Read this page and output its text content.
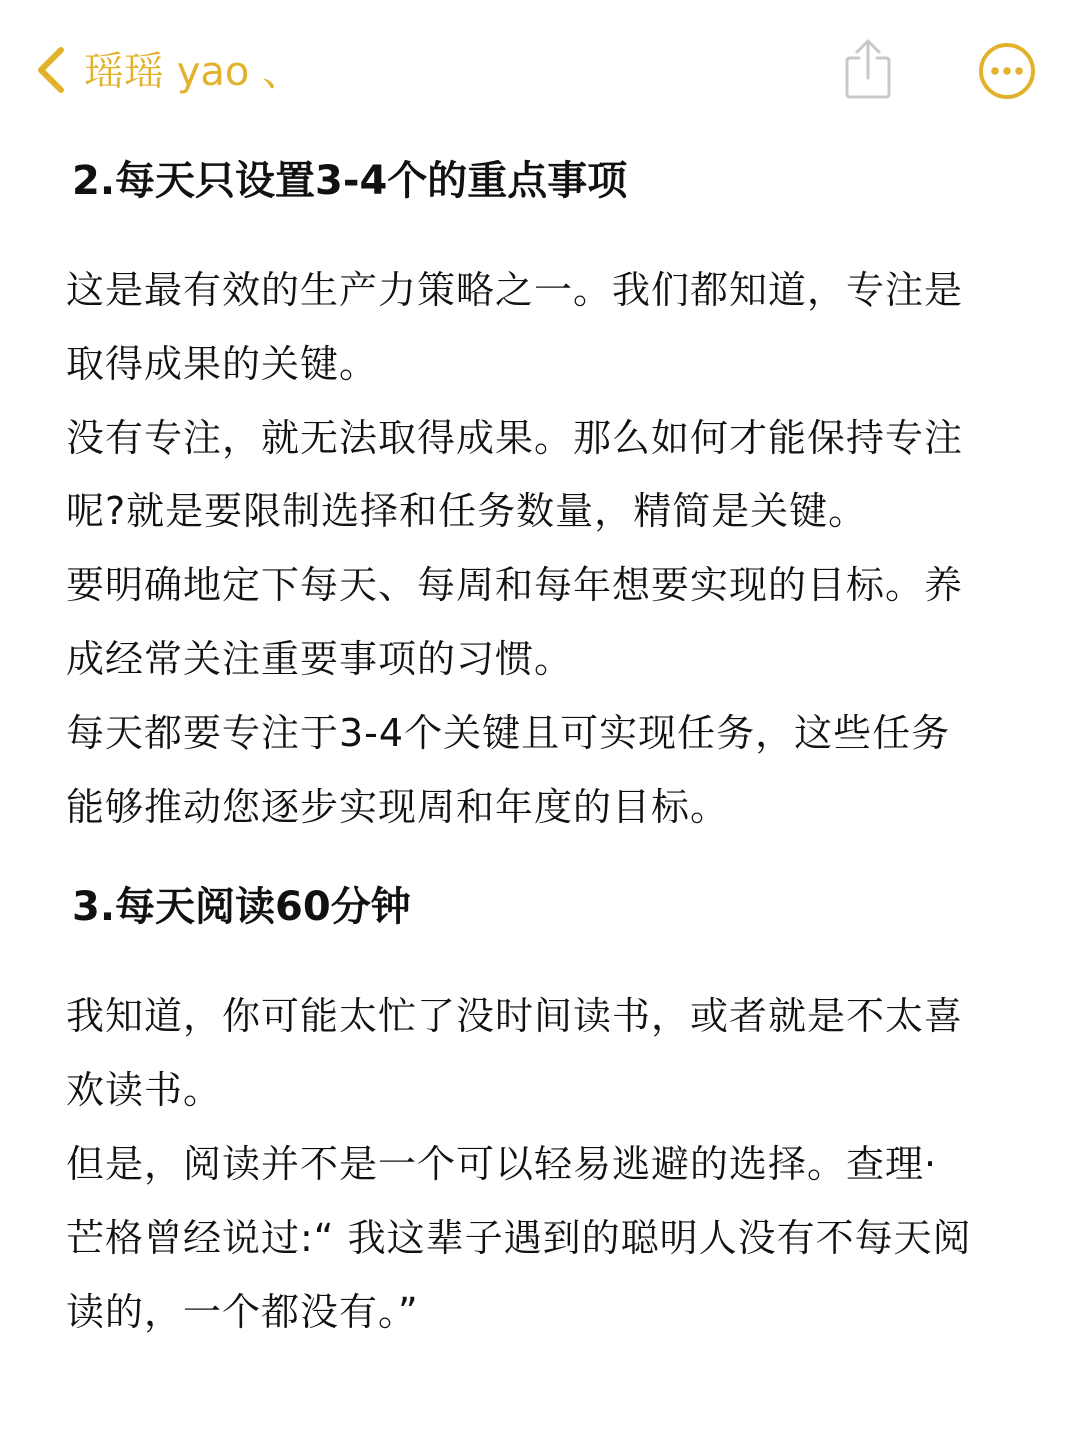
瑶瑶 yao 、

2.每天只设置3-4个的重点事项

这是最有效的生产力策略之一。我们都知道，专注是

取得成果的关键。

没有专注，就无法取得成果。那么如何才能保持专注

呢?就是要限制选择和任务数量，精简是关键。

要明确地定下每天、每周和每年想要实现的目标。养

成经常关注重要事项的习惯。

每天都要专注于3-4个关键且可实现任务，这些任务

能够推动您逐步实现周和年度的目标。

3.每天阅读60分钟

我知道，你可能太忙了没时间读书，或者就是不太喜

欢读书。

但是，阅读并不是一个可以轻易逃避的选择。查理·

芒格曾经说过:“ 我这辈子遇到的聪明人没有不每天阅

读的，一个都没有。”
